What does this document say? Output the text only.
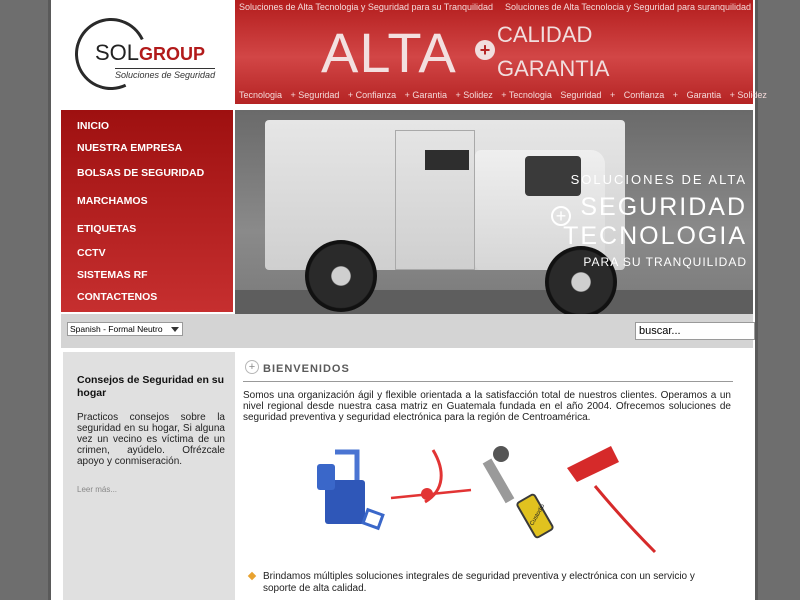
SOLGROUP
Soluciones de Seguridad
Soluciones de Alta Tecnologia y Seguridad para su Tranquilidad Soluciones de Alta Tecnolocia y Seguridad para suranquilidad
ALTA +
CALIDAD
GARANTIA
Tecnologia + Seguridad + Confianza + Garantia + Solidez + Tecnologia Seguridad + Confianza + Garantia + Solidez
INICIO
NUESTRA EMPRESA
BOLSAS DE SEGURIDAD
MARCHAMOS
ETIQUETAS
CCTV
SISTEMAS RF
CONTACTENOS
+
SOLUCIONES DE ALTA
SEGURIDAD
TECNOLOGIA
PARA SU TRANQUILIDAD
Spanish - Formal Neutro
buscar...
Consejos de Seguridad en su hogar
Practicos consejos sobre la seguridad en su hogar, Si alguna vez un vecino es víctima de un crimen, ayúdelo. Ofrézcale apoyo y conmiseración.
Leer más...
+ BIENVENIDOS
Somos una organización ágil y flexible orientada a la satisfacción total de nuestros clientes. Operamos a un nivel regional desde nuestra casa matriz en Guatemala fundada en el año 2004. Ofrecemos soluciones de seguridad preventiva y seguridad electrónica para la región de Centroamérica.
Custodio
Brindamos múltiples soluciones integrales de seguridad preventiva y electrónica con un servicio y soporte de alta calidad.
